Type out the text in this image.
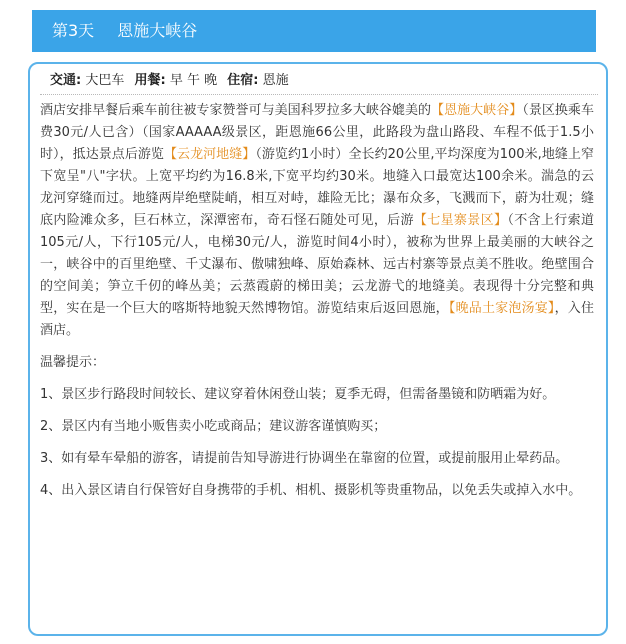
第3天 恩施大峡谷
交通: 大巴车 用餐: 早 午 晚 住宿: 恩施

酒店安排早餐后乘车前往被专家赞誉可与美国科罗拉多大峡谷媲美的【恩施大峡谷】（景区换乘车费30元/人已含）（国家AAAAA级景区，距恩施66公里，此路段为盘山路段、车程不低于1.5小时），抵达景点后游览【云龙河地缝】（游览约1小时）全长约20公里,平均深度为100米,地缝上窄下宽呈"八"字状。上宽平均约为16.8米,下宽平均约30米。地缝入口最宽达100余米。湍急的云龙河穿缝而过。地缝两岸绝壁陡峭，相互对峙，雄险无比；瀑布众多，飞溅而下，蔚为壮观；缝底内险滩众多，巨石林立，深潭密布，奇石怪石随处可见，后游【七星寨景区】（不含上行索道105元/人，下行105元/人，电梯30元/人，游览时间4小时），被称为世界上最美丽的大峡谷之一，峡谷中的百里绝壁、千丈瀑布、傲啸独峰、原始森林、远古村寨等景点美不胜收。绝壁围合的空间美；笋立千仞的峰丛美；云蒸霞蔚的梯田美；云龙游弋的地缝美。表现得十分完整和典型，实在是一个巨大的喀斯特地貌天然博物馆。游览结束后返回恩施，【晚品土家泡汤宴】，入住酒店。

温馨提示：

1、景区步行路段时间较长、建议穿着休闲登山装；夏季无碍，但需备墨镜和防晒霜为好。

2、景区内有当地小贩售卖小吃或商品；建议游客谨慎购买；

3、如有晕车晕船的游客，请提前告知导游进行协调坐在靠窗的位置，或提前服用止晕药品。

4、出入景区请自行保管好自身携带的手机、相机、摄影机等贵重物品，以免丢失或掉入水中。
